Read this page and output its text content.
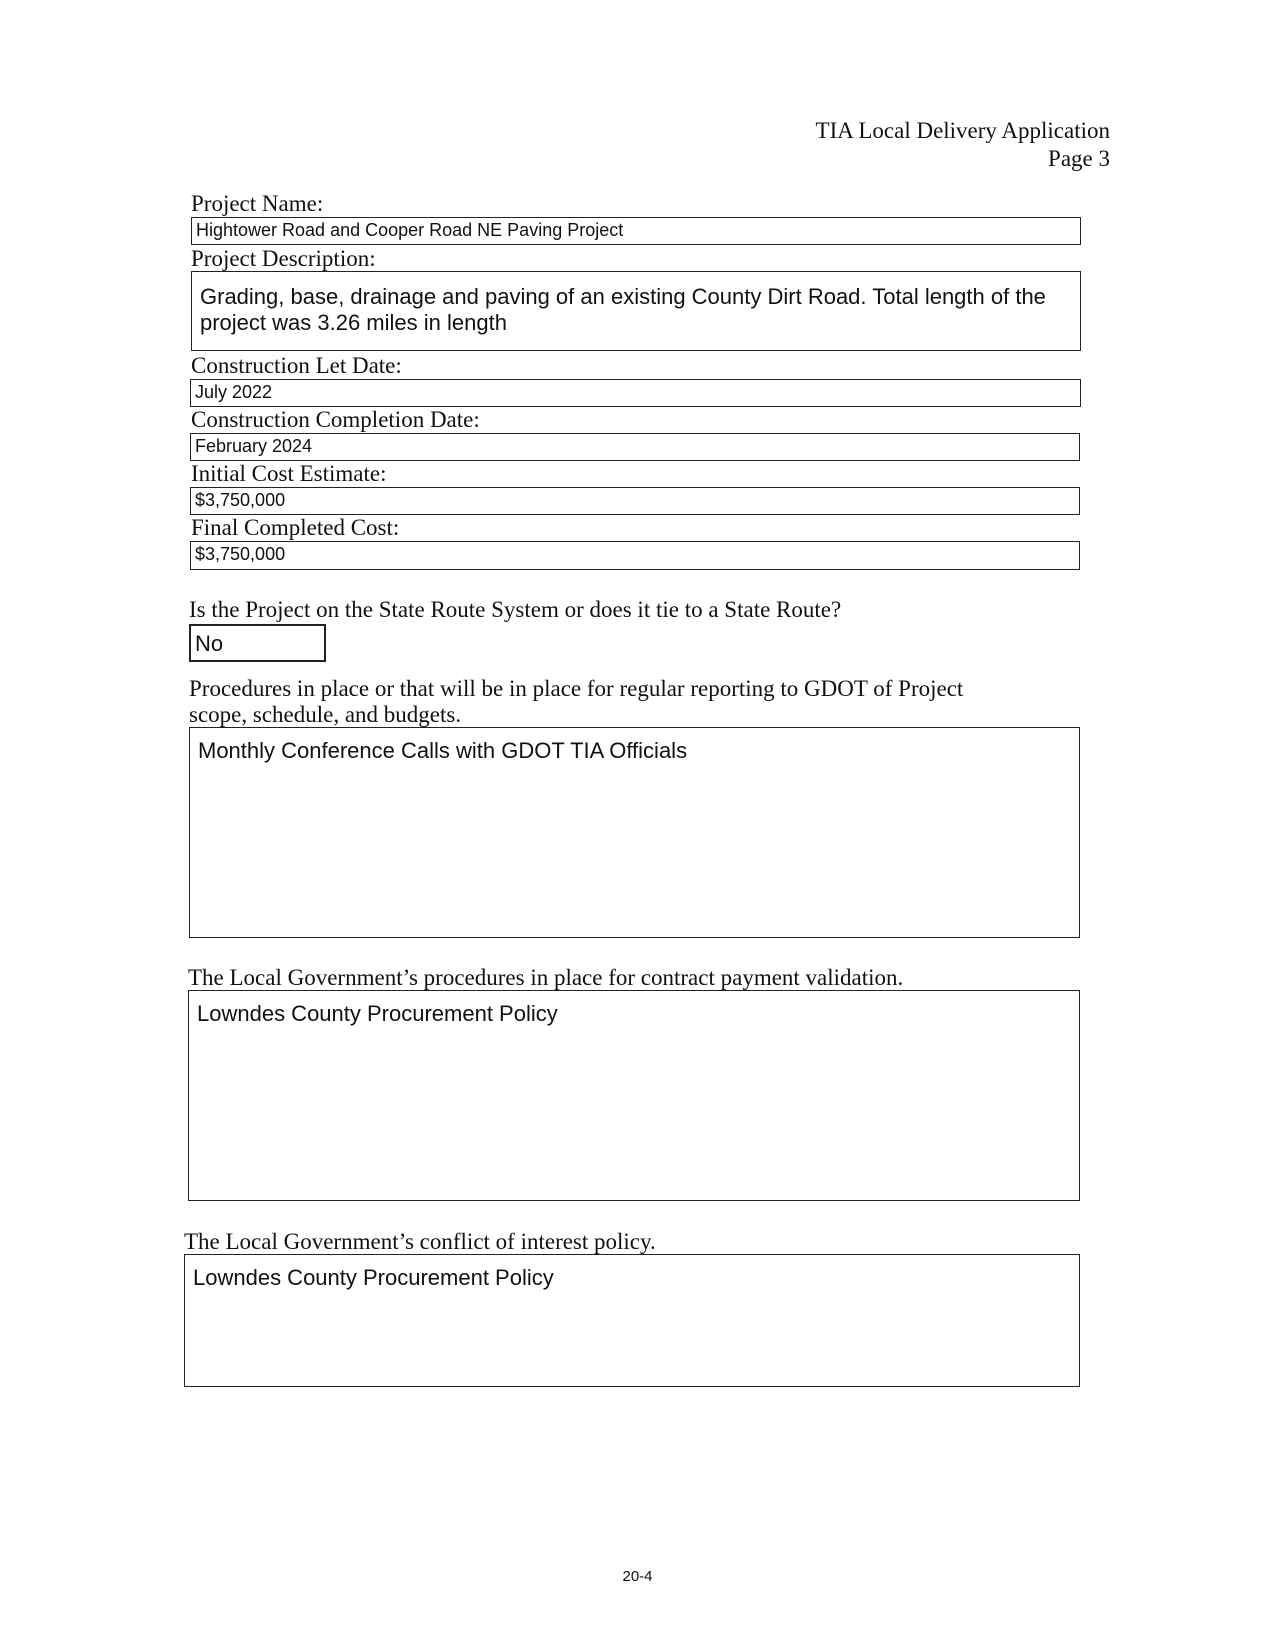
TIA Local Delivery Application
Page 3
Project Name:
Hightower Road and Cooper Road NE Paving Project
Project Description:
Grading, base, drainage and paving of an existing County Dirt Road. Total length of the project was 3.26 miles in length
Construction Let Date:
July 2022
Construction Completion Date:
February 2024
Initial Cost Estimate:
$3,750,000
Final Completed Cost:
$3,750,000
Is the Project on the State Route System or does it tie to a State Route?
No
Procedures in place or that will be in place for regular reporting to GDOT of Project
scope, schedule, and budgets.
Monthly Conference Calls with GDOT TIA Officials
The Local Government’s procedures in place for contract payment validation.
Lowndes County Procurement Policy
The Local Government’s conflict of interest policy.
Lowndes County Procurement Policy
20-4
